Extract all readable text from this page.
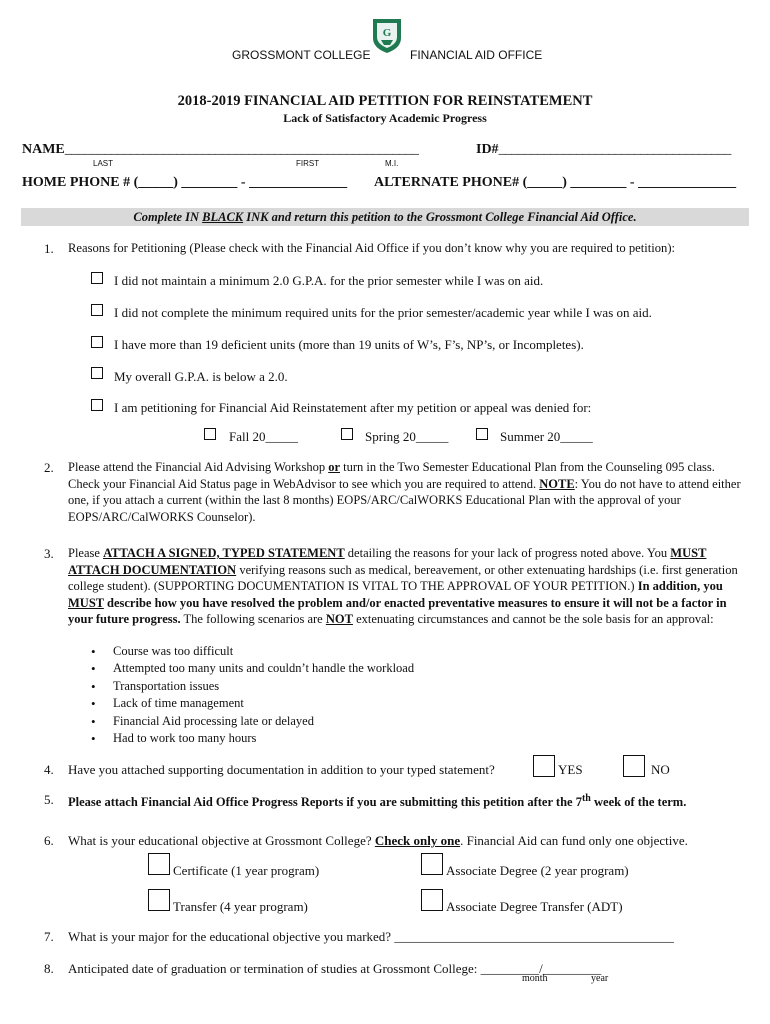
GROSSMONT COLLEGE
G
FINANCIAL AID OFFICE
2018-2019 FINANCIAL AID PETITION FOR REINSTATEMENT
Lack of Satisfactory Academic Progress
NAME______________________________________________________	ID#____________________________________
LAST	FIRST	M.I.
HOME PHONE # (_____) ________ - ______________ ALTERNATE PHONE# (_____) ________ - ______________
Complete IN BLACK INK and return this petition to the Grossmont College Financial Aid Office.
1. Reasons for Petitioning (Please check with the Financial Aid Office if you don’t know why you are required to petition):
I did not maintain a minimum 2.0 G.P.A. for the prior semester while I was on aid.
I did not complete the minimum required units for the prior semester/academic year while I was on aid.
I have more than 19 deficient units (more than 19 units of W’s, F’s, NP’s, or Incompletes).
My overall G.P.A. is below a 2.0.
I am petitioning for Financial Aid Reinstatement after my petition or appeal was denied for:
Fall 20_____	Spring 20_____	Summer 20_____
2. Please attend the Financial Aid Advising Workshop or turn in the Two Semester Educational Plan from the Counseling 095 class. Check your Financial Aid Status page in WebAdvisor to see which you are required to attend. NOTE: You do not have to attend either one, if you attach a current (within the last 8 months) EOPS/ARC/CalWORKS Educational Plan with the approval of your EOPS/ARC/CalWORKS Counselor).
3. Please ATTACH A SIGNED, TYPED STATEMENT detailing the reasons for your lack of progress noted above. You MUST ATTACH DOCUMENTATION verifying reasons such as medical, bereavement, or other extenuating hardships (i.e. first generation college student). (SUPPORTING DOCUMENTATION IS VITAL TO THE APPROVAL OF YOUR PETITION.) In addition, you MUST describe how you have resolved the problem and/or enacted preventative measures to ensure it will not be a factor in your future progress. The following scenarios are NOT extenuating circumstances and cannot be the sole basis for an approval:
• Course was too difficult
• Attempted too many units and couldn’t handle the workload
• Transportation issues
• Lack of time management
• Financial Aid processing late or delayed
• Had to work too many hours
4. Have you attached supporting documentation in addition to your typed statement?	YES	NO
5. Please attach Financial Aid Office Progress Reports if you are submitting this petition after the 7th week of the term.
6. What is your educational objective at Grossmont College? Check only one. Financial Aid can fund only one objective.
Certificate (1 year program)	Associate Degree (2 year program)
Transfer (4 year program)	Associate Degree Transfer (ADT)
7. What is your major for the educational objective you marked? ___________________________________________
8. Anticipated date of graduation or termination of studies at Grossmont College: _________/_________
month	year
